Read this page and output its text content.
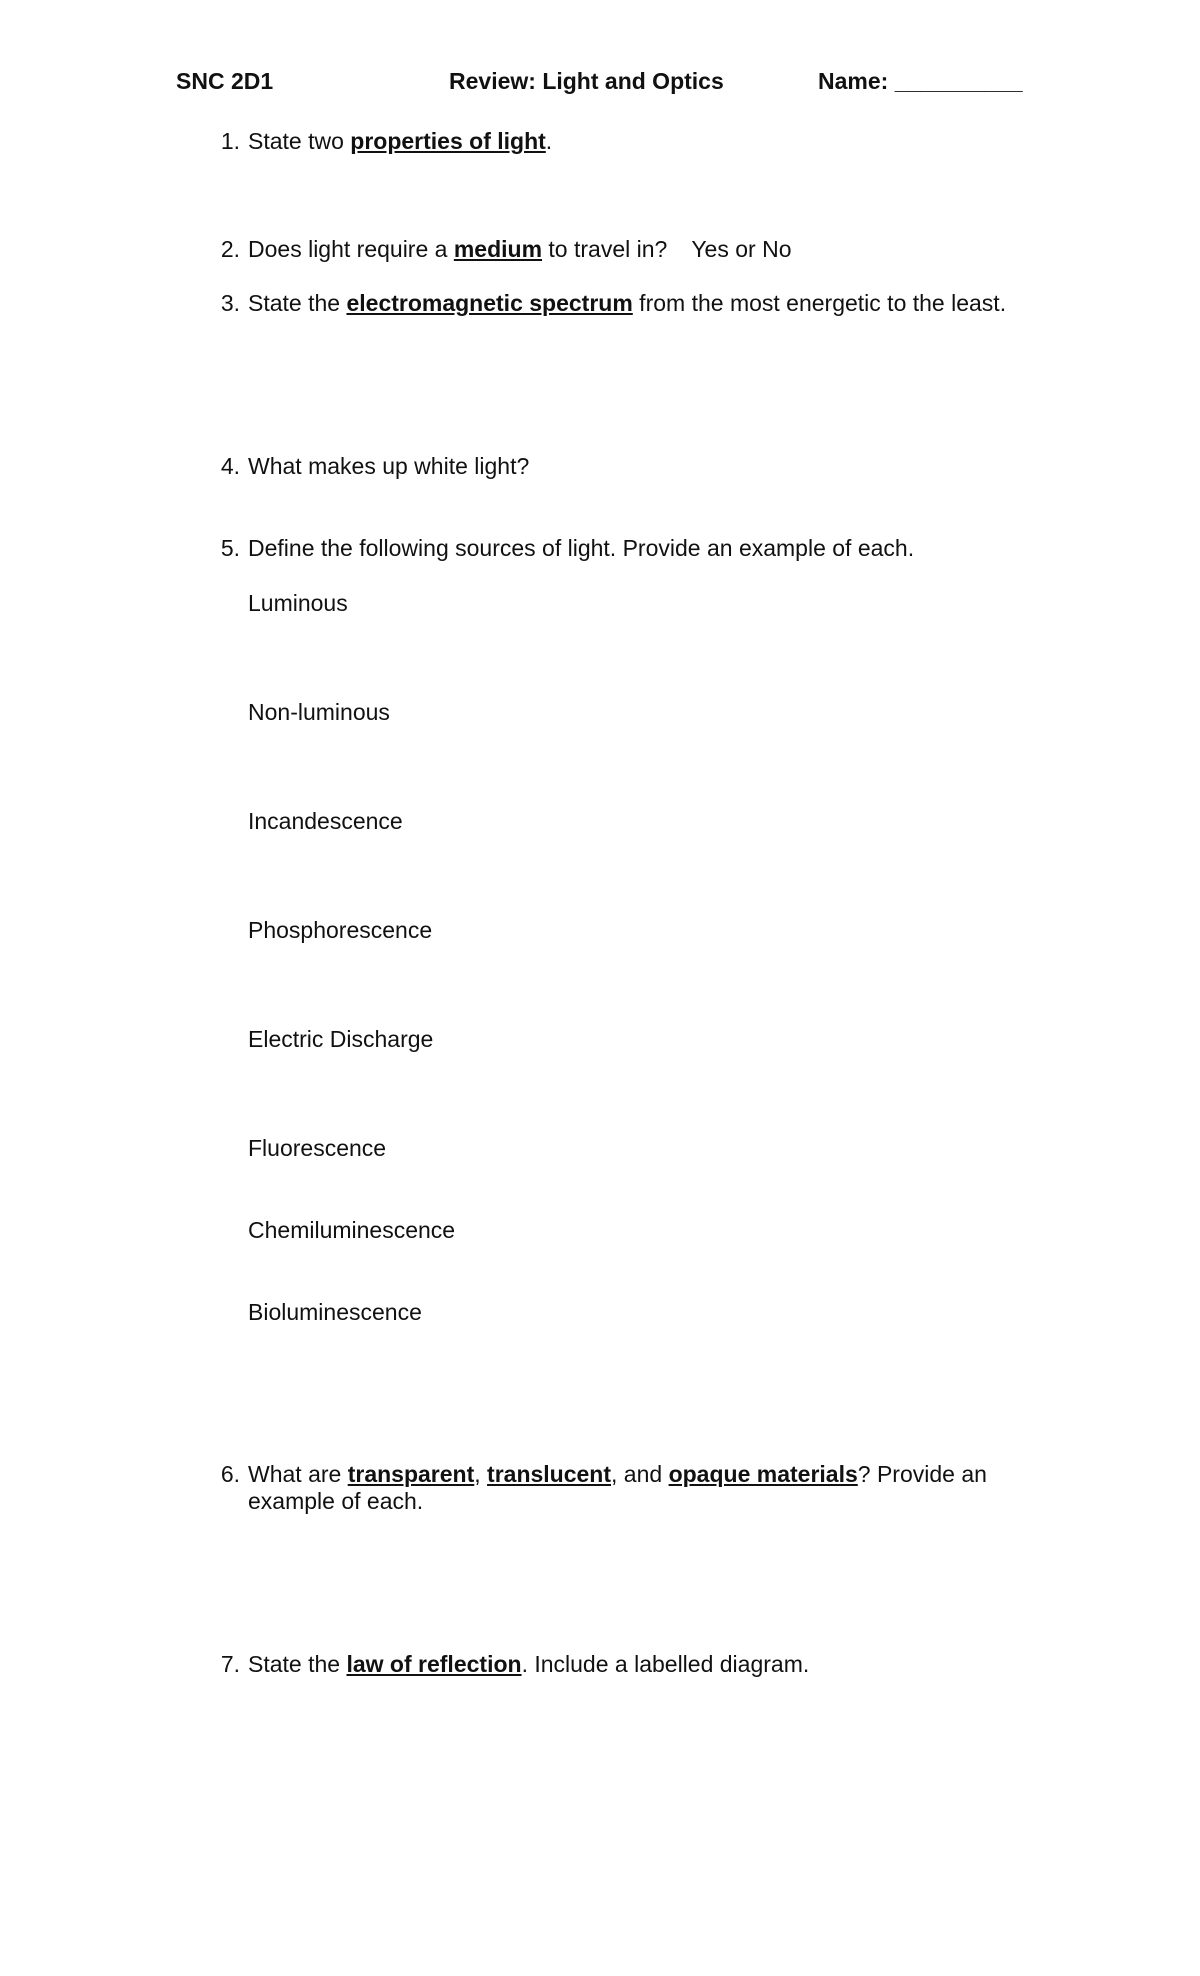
SNC 2D1	Review: Light and Optics	Name: __________
1. State two properties of light.
2. Does light require a medium to travel in? Yes or No
3. State the electromagnetic spectrum from the most energetic to the least.
4. What makes up white light?
5. Define the following sources of light. Provide an example of each.
Luminous
Non-luminous
Incandescence
Phosphorescence
Electric Discharge
Fluorescence
Chemiluminescence
Bioluminescence
6. What are transparent, translucent, and opaque materials? Provide an example of each.
7. State the law of reflection. Include a labelled diagram.
